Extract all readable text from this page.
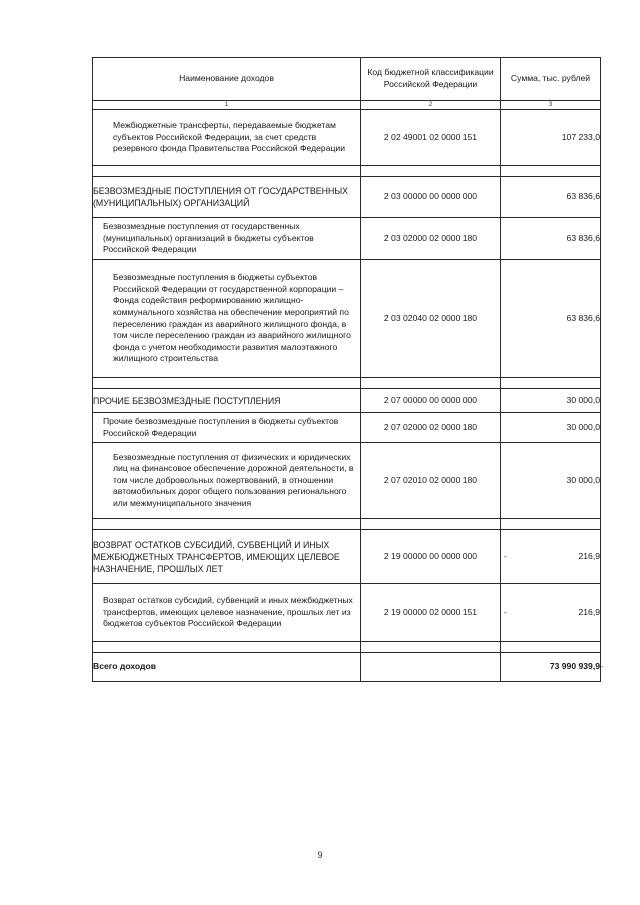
Наименование доходов	Код бюджетной классификации Российской Федерации	Сумма, тыс. рублей
1	2	3
Межбюджетные трансферты, передаваемые бюджетам субъектов Российской Федерации, за счет средств резервного фонда Правительства Российской Федерации	2 02 49001 02 0000 151	107 233,0

БЕЗВОЗМЕЗДНЫЕ ПОСТУПЛЕНИЯ ОТ ГОСУДАРСТВЕННЫХ (МУНИЦИПАЛЬНЫХ) ОРГАНИЗАЦИЙ	2 03 00000 00 0000 000	63 836,6
Безвозмездные поступления от государственных (муниципальных) организаций в бюджеты субъектов Российской Федерации	2 03 02000 02 0000 180	63 836,6
Безвозмездные поступления в бюджеты субъектов Российской Федерации от государственной корпорации – Фонда содействия реформированию жилищно-коммунального хозяйства на обеспечение мероприятий по переселению граждан из аварийного жилищного фонда, в том числе переселению граждан из аварийного жилищного фонда с учетом необходимости развития малоэтажного жилищного строительства	2 03 02040 02 0000 180	63 836,6

ПРОЧИЕ БЕЗВОЗМЕЗДНЫЕ ПОСТУПЛЕНИЯ	2 07 00000 00 0000 000	30 000,0
Прочие безвозмездные поступления в бюджеты субъектов Российской Федерации	2 07 02000 02 0000 180	30 000,0
Безвозмездные поступления от физических и юридических лиц на финансовое обеспечение дорожной деятельности, в том числе добровольных пожертвований, в отношении автомобильных дорог общего пользования регионального или межмуниципального значения	2 07 02010 02 0000 180	30 000,0

ВОЗВРАТ ОСТАТКОВ СУБСИДИЙ, СУБВЕНЦИЙ И ИНЫХ МЕЖБЮДЖЕТНЫХ ТРАНСФЕРТОВ, ИМЕЮЩИХ ЦЕЛЕВОЕ НАЗНАЧЕНИЕ, ПРОШЛЫХ ЛЕТ	2 19 00000 00 0000 000	- 216,9
Возврат остатков субсидий, субвенций и иных межбюджетных трансфертов, имеющих целевое назначение, прошлых лет из бюджетов субъектов Российской Федерации	2 19 00000 02 0000 151	- 216,9

Всего доходов		73 990 939,9 -
9
